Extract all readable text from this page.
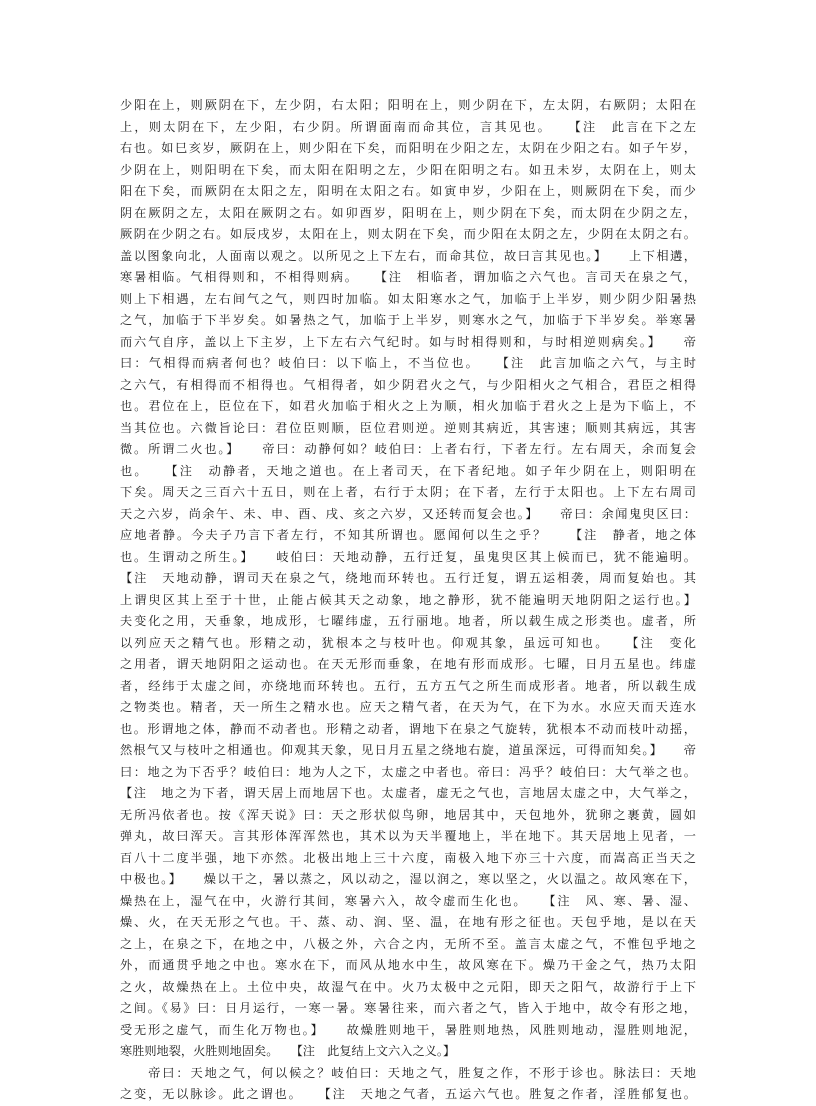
少阳在上，则厥阴在下，左少阴，右太阳；阳明在上，则少阴在下，左太阴，右厥阴；太阳在
上，则太阴在下，左少阳，右少阴。所谓面南而命其位，言其见也。　　【注　此言在下之左
右也。如巳亥岁，厥阴在上，则少阳在下矣，而阳明在少阳之左，太阴在少阳之右。如子午岁，
少阴在上，则阳明在下矣，而太阳在阳明之左，少阳在阳明之右。如丑未岁，太阴在上，则太
阳在下矣，而厥阴在太阳之左，阳明在太阳之右。如寅申岁，少阳在上，则厥阴在下矣，而少
阴在厥阴之左，太阳在厥阴之右。如卯酉岁，阳明在上，则少阴在下矣，而太阴在少阴之左，
厥阴在少阴之右。如辰戌岁，太阳在上，则太阴在下矣，而少阳在太阴之左，少阴在太阴之右。
盖以图象向北，人面南以观之。以所见之上下左右，而命其位，故曰言其见也。】　　上下相遘，
寒暑相临。气相得则和，不相得则病。　　【注　相临者，谓加临之六气也。言司天在泉之气，
则上下相遇，左右间气之气，则四时加临。如太阳寒水之气，加临于上半岁，则少阴少阳暑热
之气，加临于下半岁矣。如暑热之气，加临于上半岁，则寒水之气，加临于下半岁矣。举寒暑
而六气自序，盖以上下主岁，上下左右六气纪时。如与时相得则和，与时相逆则病矣。】　　帝
曰：气相得而病者何也？岐伯曰：以下临上，不当位也。　　【注　此言加临之六气，与主时
之六气，有相得而不相得也。气相得者，如少阴君火之气，与少阳相火之气相合，君臣之相得
也。君位在上，臣位在下，如君火加临于相火之上为顺，相火加临于君火之上是为下临上，不
当其位也。六微旨论曰：君位臣则顺，臣位君则逆。逆则其病近，其害速；顺则其病远，其害
微。所谓二火也。】　　帝曰：动静何如？岐伯曰：上者右行，下者左行。左右周天，余而复会
也。　　【注　动静者，天地之道也。在上者司天，在下者纪地。如子年少阴在上，则阳明在
下矣。周天之三百六十五日，则在上者，右行于太阴；在下者，左行于太阳也。上下左右周司
天之六岁，尚余午、未、申、酉、戌、亥之六岁，又还转而复会也。】　　帝曰：余闻鬼臾区曰：
应地者静。今夫子乃言下者左行，不知其所谓也。愿闻何以生之乎？　　【注　静者，地之体
也。生谓动之所生。】　　岐伯曰：天地动静，五行迁复，虽鬼臾区其上候而已，犹不能遍明。
【注　天地动静，谓司天在泉之气，绕地而环转也。五行迁复，谓五运相袭，周而复始也。其
上谓臾区其上至于十世，止能占候其天之动象，地之静形，犹不能遍明天地阴阳之运行也。】
夫变化之用，天垂象，地成形，七曜纬虚，五行丽地。地者，所以载生成之形类也。虚者，所
以列应天之精气也。形精之动，犹根本之与枝叶也。仰观其象，虽远可知也。　　【注　变化
之用者，谓天地阴阳之运动也。在天无形而垂象，在地有形而成形。七曜，日月五星也。纬虚
者，经纬于太虚之间，亦绕地而环转也。五行，五方五气之所生而成形者。地者，所以载生成
之物类也。精者，天一所生之精水也。应天之精气者，在天为气，在下为水。水应天而天连水
也。形谓地之体，静而不动者也。形精之动者，谓地下在泉之气旋转，犹根本不动而枝叶动摇，
然根气又与枝叶之相通也。仰观其天象，见日月五星之绕地右旋，道虽深远，可得而知矣。】　　帝
曰：地之为下否乎？岐伯曰：地为人之下，太虚之中者也。帝曰：冯乎？岐伯曰：大气举之也。
【注　地之为下者，谓天居上而地居下也。太虚者，虚无之气也，言地居太虚之中，大气举之，
无所冯依者也。按《浑天说》曰：天之形状似鸟卵，地居其中，天包地外，犹卵之裹黄，圆如
弹丸，故曰浑天。言其形体浑浑然也，其术以为天半覆地上，半在地下。其天居地上见者，一
百八十二度半强，地下亦然。北极出地上三十六度，南极入地下亦三十六度，而嵩高正当天之
中极也。】　　燥以干之，暑以蒸之，风以动之，湿以润之，寒以坚之，火以温之。故风寒在下，
燥热在上，湿气在中，火游行其间，寒暑六入，故令虚而生化也。　　【注　风、寒、暑、湿、
燥、火，在天无形之气也。干、蒸、动、润、坚、温，在地有形之征也。天包乎地，是以在天
之上，在泉之下，在地之中，八极之外，六合之内，无所不至。盖言太虚之气，不惟包乎地之
外，而通贯乎地之中也。寒水在下，而风从地水中生，故风寒在下。燥乃干金之气，热乃太阳
之火，故燥热在上。土位中央，故湿气在中。火乃太极中之元阳，即天之阳气，故游行于上下
之间。《易》曰：日月运行，一寒一暑。寒暑往来，而六者之气，皆入于地中，故令有形之地，
受无形之虚气，而生化万物也。】　　故燥胜则地干，暑胜则地热，风胜则地动，湿胜则地泥，
寒胜则地裂，火胜则地固矣。　　【注　此复结上文六入之义。】
　　帝曰：天地之气，何以候之？岐伯曰：天地之气，胜复之作，不形于诊也。脉法曰：天地
之变，无以脉诊。此之谓也。　　【注　天地之气者，五运六气也。胜复之作者，淫胜郁复也。
